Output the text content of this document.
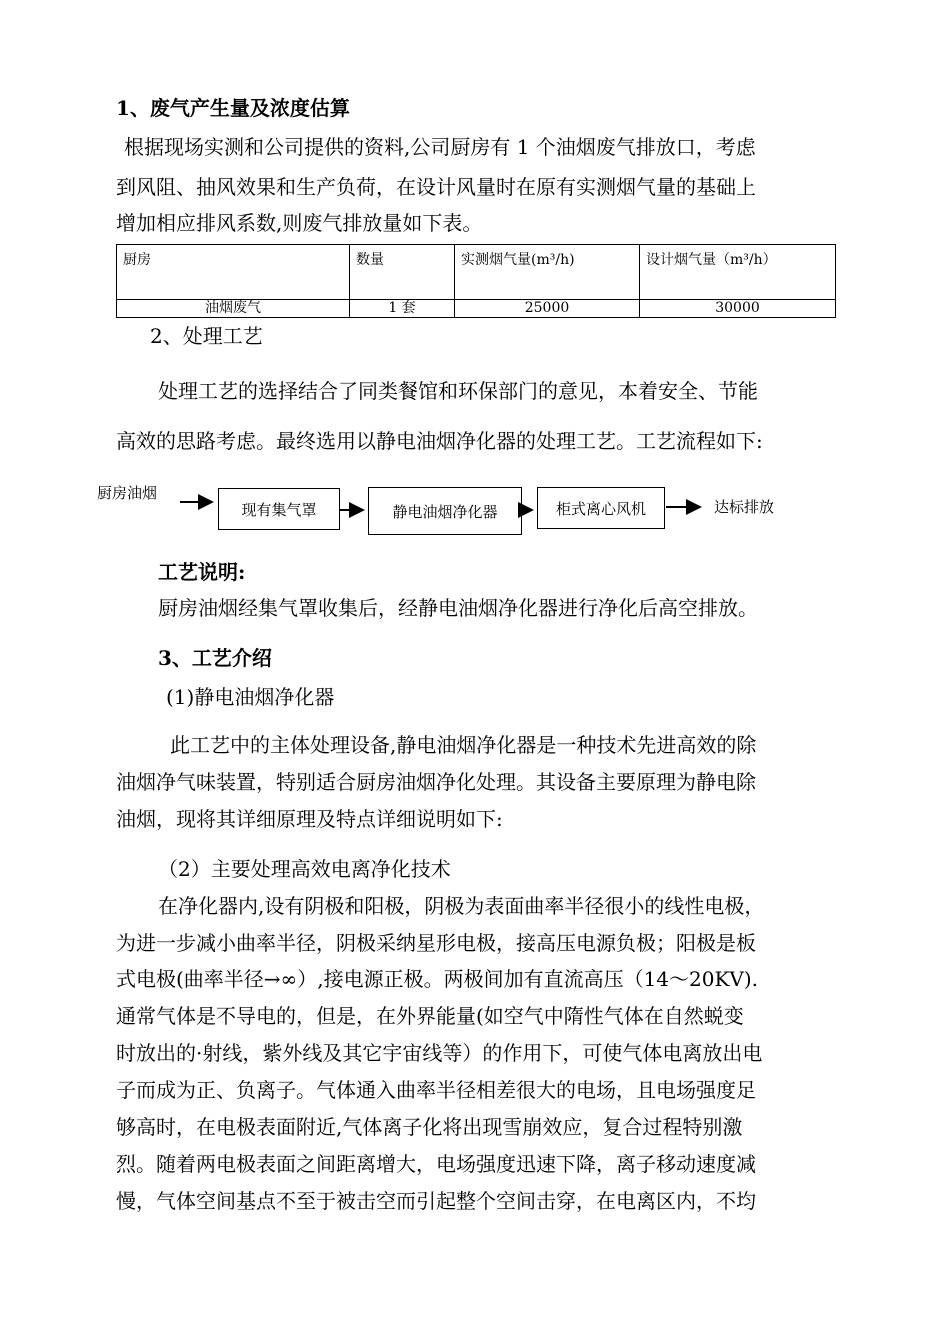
1、废气产生量及浓度估算
根据现场实测和公司提供的资料,公司厨房有 1 个油烟废气排放口，考虑
到风阻、抽风效果和生产负荷，在设计风量时在原有实测烟气量的基础上
增加相应排风系数,则废气排放量如下表。
厨房	数量	实测烟气量(m³/h)	设计烟气量（m³/h）
油烟废气	1 套	25000	30000
2、处理工艺
处理工艺的选择结合了同类餐馆和环保部门的意见，本着安全、节能
高效的思路考虑。最终选用以静电油烟净化器的处理工艺。工艺流程如下:
厨房油烟
现有集气罩	静电油烟净化器	柜式离心风机	达标排放
工艺说明:
厨房油烟经集气罩收集后，经静电油烟净化器进行净化后高空排放。
3、工艺介绍
(1)静电油烟净化器
此工艺中的主体处理设备,静电油烟净化器是一种技术先进高效的除
油烟净气味装置，特别适合厨房油烟净化处理。其设备主要原理为静电除
油烟，现将其详细原理及特点详细说明如下:
（2）主要处理高效电离净化技术
在净化器内,设有阴极和阳极，阴极为表面曲率半径很小的线性电极，
为进一步减小曲率半径，阴极采纳星形电极，接高压电源负极；阳极是板
式电极(曲率半径→∞）,接电源正极。两极间加有直流高压（14～20KV).
通常气体是不导电的，但是，在外界能量(如空气中隋性气体在自然蜕变
时放出的·射线，紫外线及其它宇宙线等）的作用下，可使气体电离放出电
子而成为正、负离子。气体通入曲率半径相差很大的电场，且电场强度足
够高时，在电极表面附近,气体离子化将出现雪崩效应，复合过程特别激
烈。随着两电极表面之间距离增大，电场强度迅速下降，离子移动速度减
慢，气体空间基点不至于被击空而引起整个空间击穿，在电离区内，不均
